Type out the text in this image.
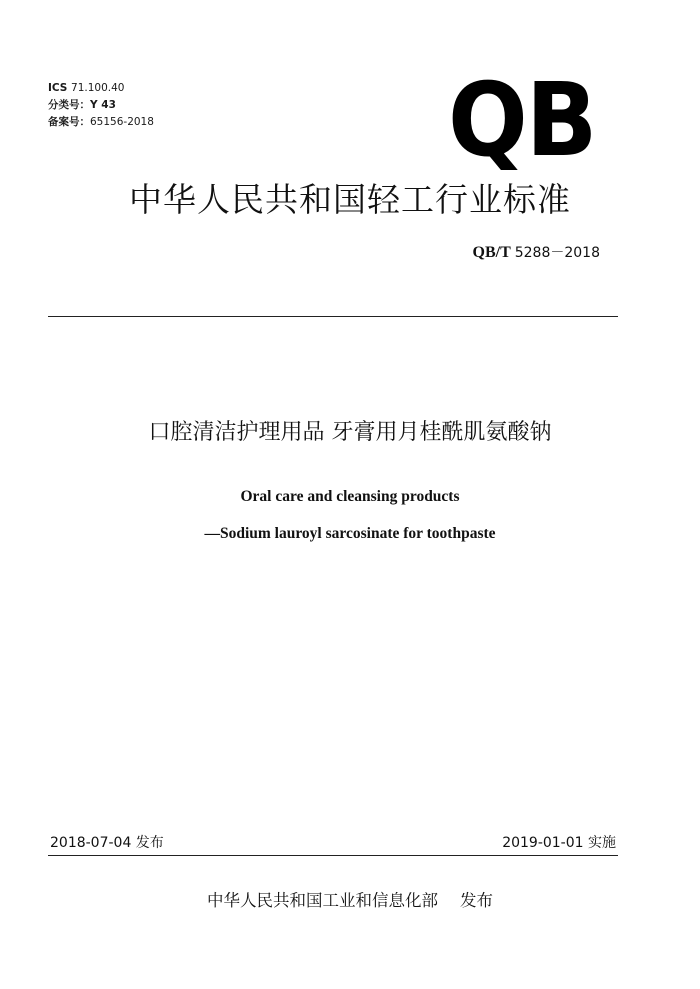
ICS 71.100.40
分类号：Y 43
备案号：65156-2018	QB
中华人民共和国轻工行业标准
QB/T 5288－2018
口腔清洁护理用品 牙膏用月桂酰肌氨酸钠
Oral care and cleansing products
—Sodium lauroyl sarcosinate for toothpaste
2018-07-04 发布	2019-01-01 实施
中华人民共和国工业和信息化部 发布
